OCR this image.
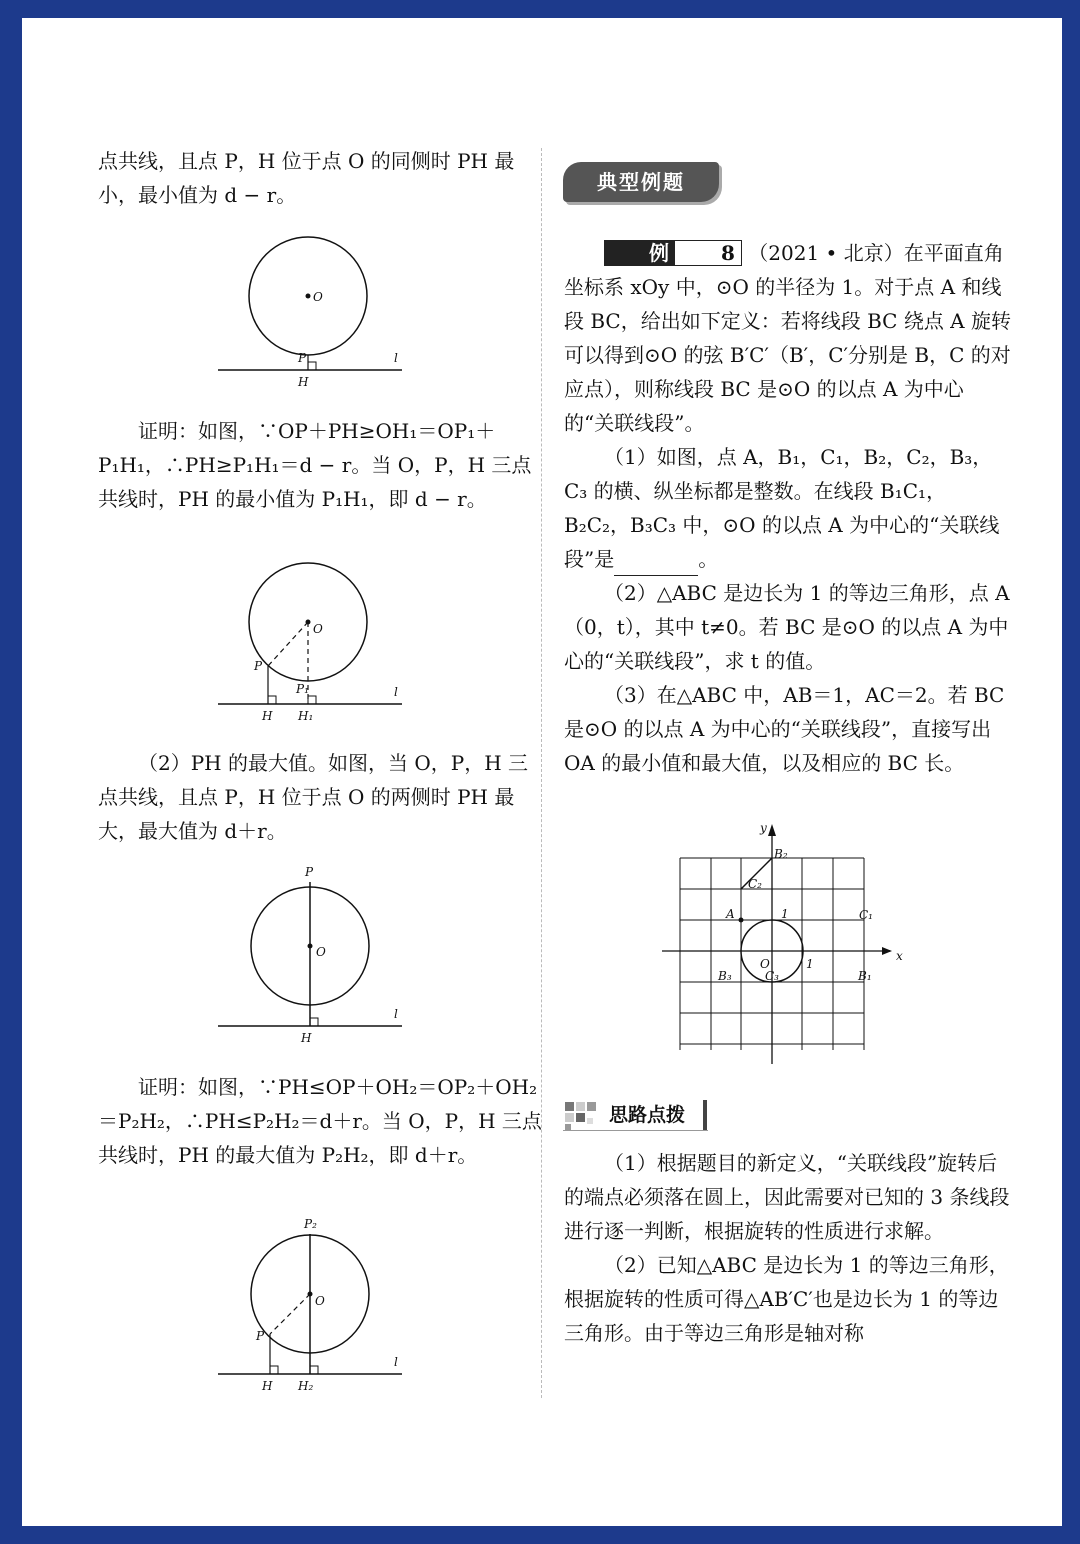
点共线，且点 P，H 位于点 O 的同侧时 PH 最小，最小值为 d − r。

证明：如图，∵OP＋PH≥OH₁＝OP₁＋P₁H₁，∴PH≥P₁H₁＝d − r。当 O，P，H 三点共线时，PH 的最小值为 P₁H₁，即 d − r。

（2）PH 的最大值。如图，当 O，P，H 三点共线，且点 P，H 位于点 O 的两侧时 PH 最大，最大值为 d＋r。

证明：如图，∵PH≤OP＋OH₂＝OP₂＋OH₂＝P₂H₂，∴PH≤P₂H₂＝d＋r。当 O，P，H 三点共线时，PH 的最大值为 P₂H₂，即 d＋r。

O
P
H
l
O
P
P₁
H H₁
l
O
P
H
l
O
P
P₂
H H₂
l
典型例题

例	8 （2021 • 北京）在平面直角坐标系 xOy 中，⊙O 的半径为 1。对于点 A 和线段 BC，给出如下定义：若将线段 BC 绕点 A 旋转可以得到⊙O 的弦 B′C′（B′，C′分别是 B，C 的对应点），则称线段 BC 是⊙O 的以点 A 为中心的“关联线段”。

（1）如图，点 A，B₁，C₁，B₂，C₂，B₃，C₃ 的横、纵坐标都是整数。在线段 B₁C₁，B₂C₂，B₃C₃ 中，⊙O 的以点 A 为中心的“关联线段”是	。

（2）△ABC 是边长为 1 的等边三角形，点 A（0，t），其中 t≠0。若 BC 是⊙O 的以点 A 为中心的“关联线段”，求 t 的值。

（3）在△ABC 中，AB＝1，AC＝2。若 BC 是⊙O 的以点 A 为中心的“关联线段”，直接写出 OA 的最小值和最大值，以及相应的 BC 长。

x
y
O	1
1
A	C₁
B₁
B₂
C₂
B₃	C₃
思路点拨

（1）根据题目的新定义，“关联线段”旋转后的端点必须落在圆上，因此需要对已知的 3 条线段进行逐一判断，根据旋转的性质进行求解。

（2）已知△ABC 是边长为 1 的等边三角形，根据旋转的性质可得△AB′C′也是边长为 1 的等边三角形。由于等边三角形是轴对称
